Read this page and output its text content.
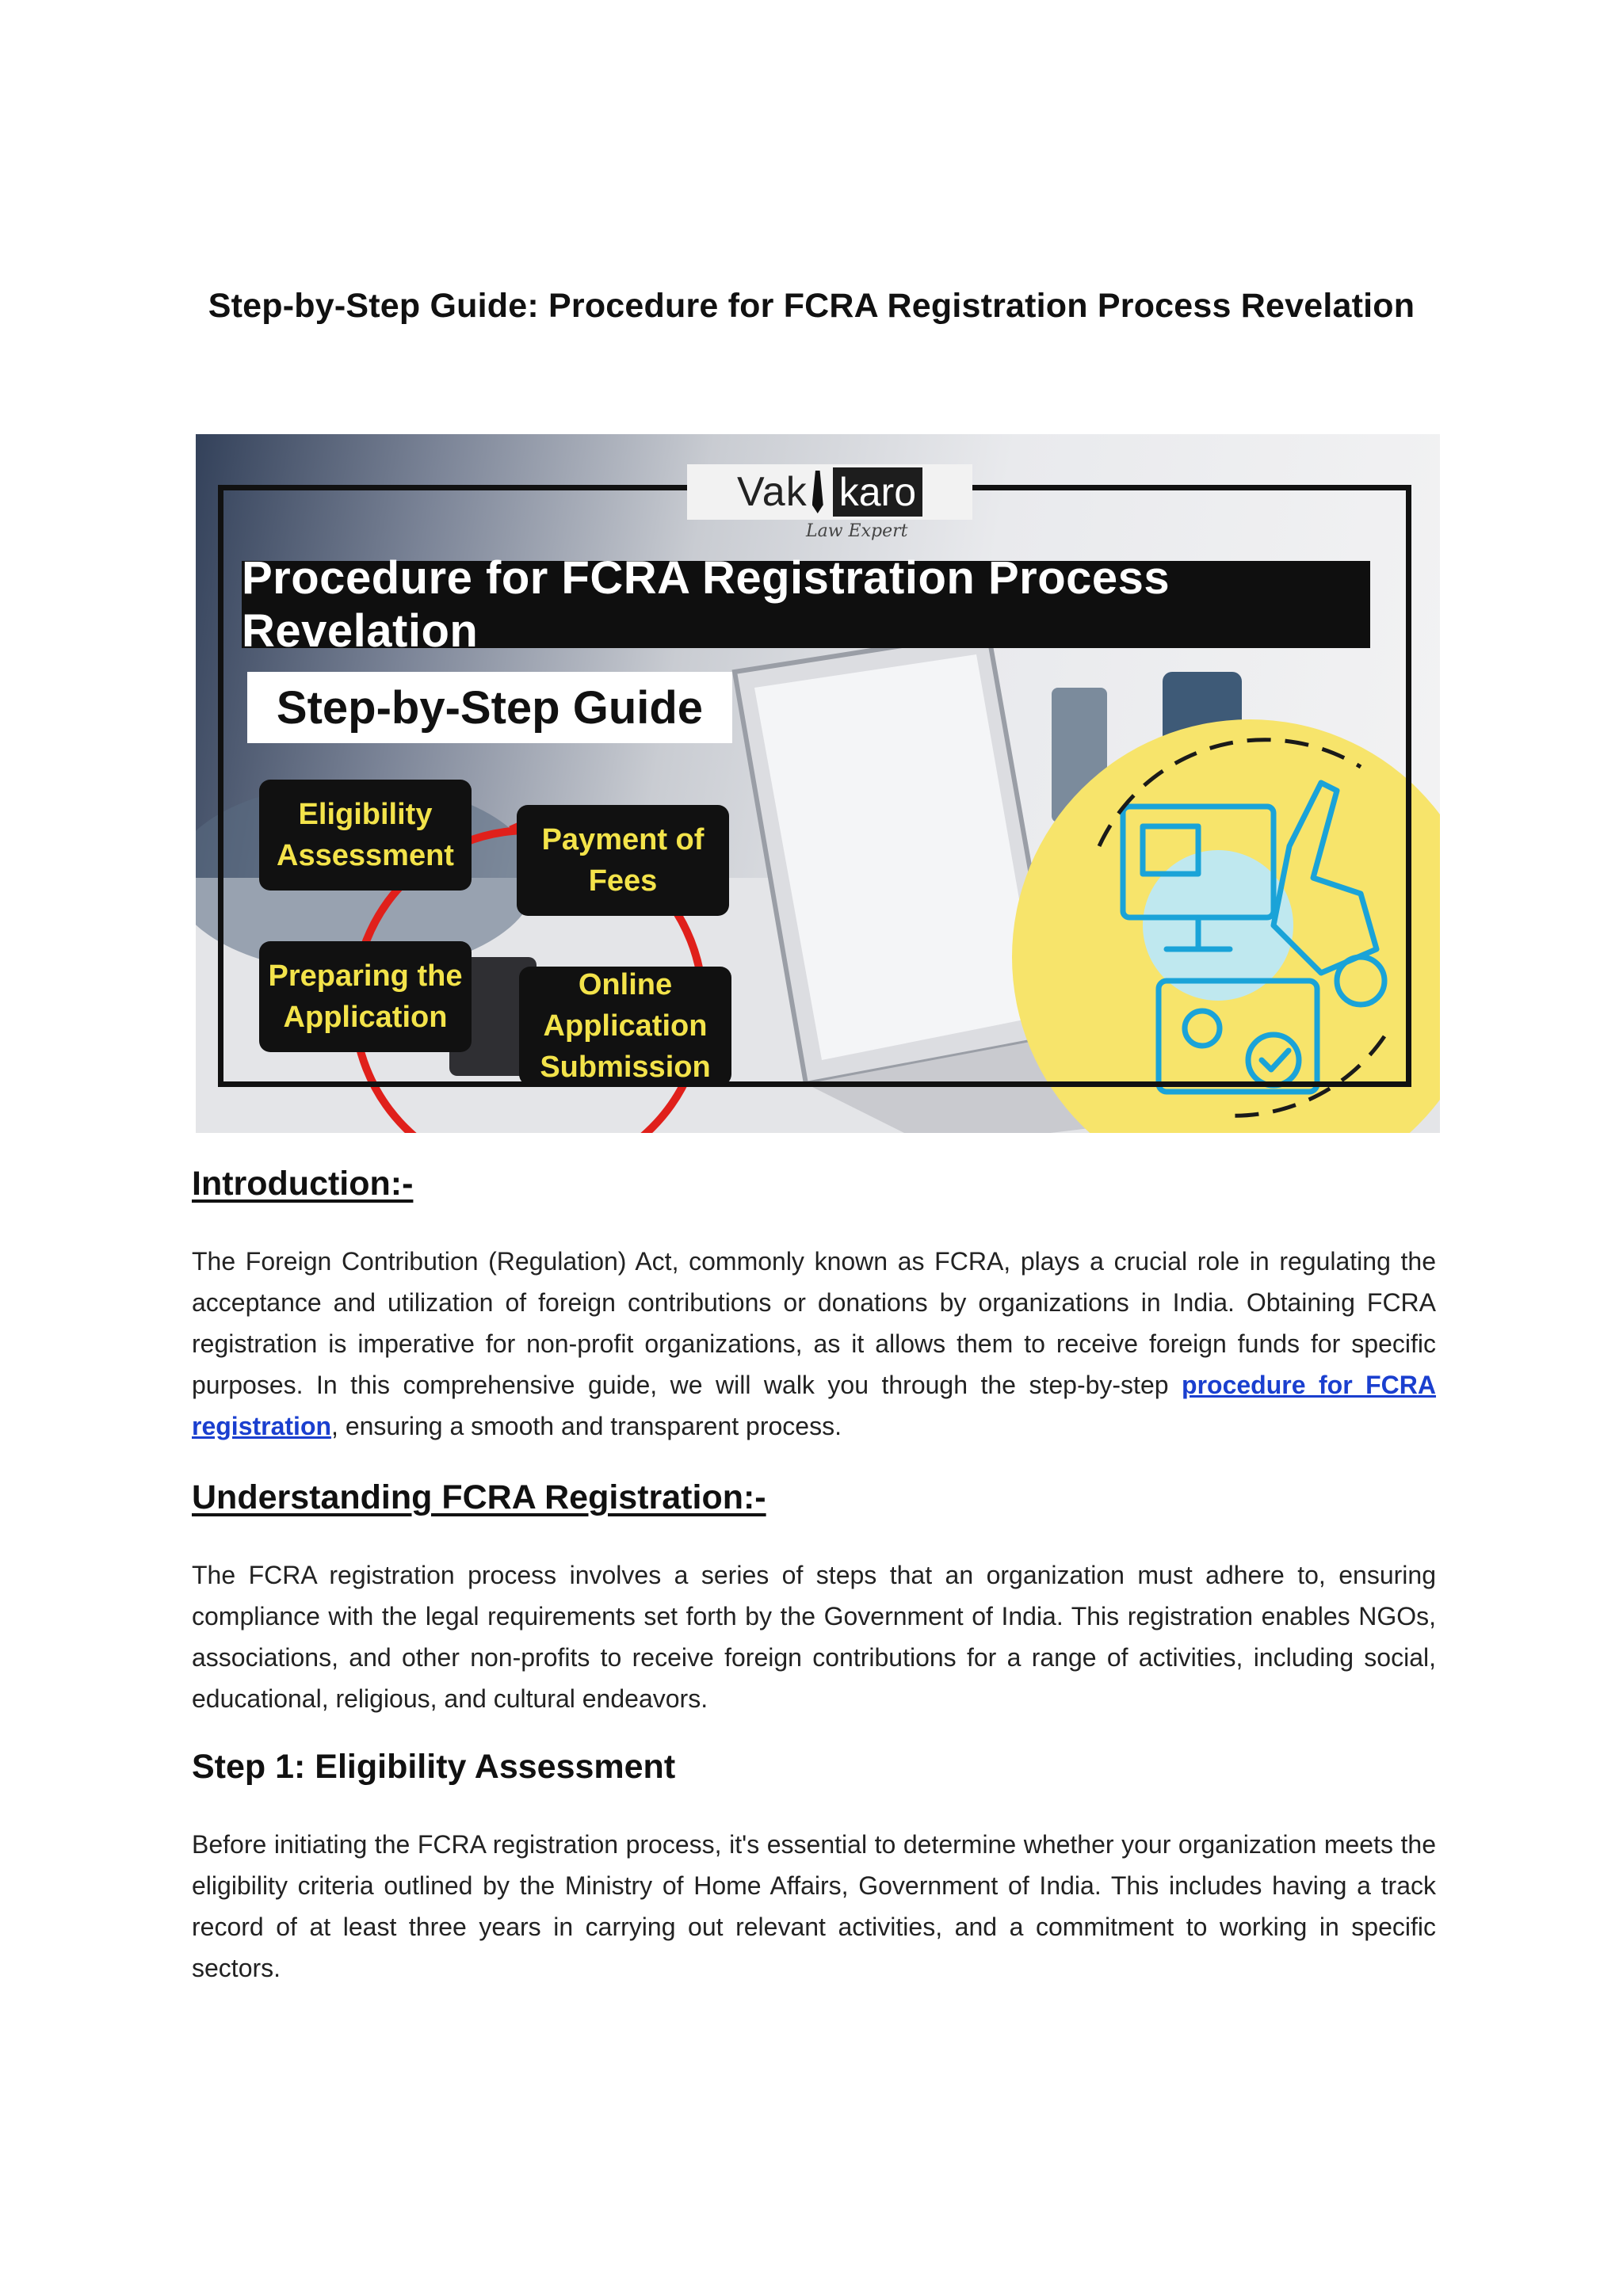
Step-by-Step Guide: Procedure for FCRA Registration Process Revelation
Vak karo
Law Expert
Procedure for FCRA Registration Process Revelation
Step-by-Step Guide
Eligibility Assessment	Payment of Fees
Preparing the Application
Online Application Submission
Introduction:-

The Foreign Contribution (Regulation) Act, commonly known as FCRA, plays a crucial role in regulating the acceptance and utilization of foreign contributions or donations by organizations in India. Obtaining FCRA registration is imperative for non-profit organizations, as it allows them to receive foreign funds for specific purposes. In this comprehensive guide, we will walk you through the step-by-step procedure for FCRA registration, ensuring a smooth and transparent process.

Understanding FCRA Registration:-

The FCRA registration process involves a series of steps that an organization must adhere to, ensuring compliance with the legal requirements set forth by the Government of India. This registration enables NGOs, associations, and other non-profits to receive foreign contributions for a range of activities, including social, educational, religious, and cultural endeavors.

Step 1: Eligibility Assessment

Before initiating the FCRA registration process, it's essential to determine whether your organization meets the eligibility criteria outlined by the Ministry of Home Affairs, Government of India. This includes having a track record of at least three years in carrying out relevant activities, and a commitment to working in specific sectors.
